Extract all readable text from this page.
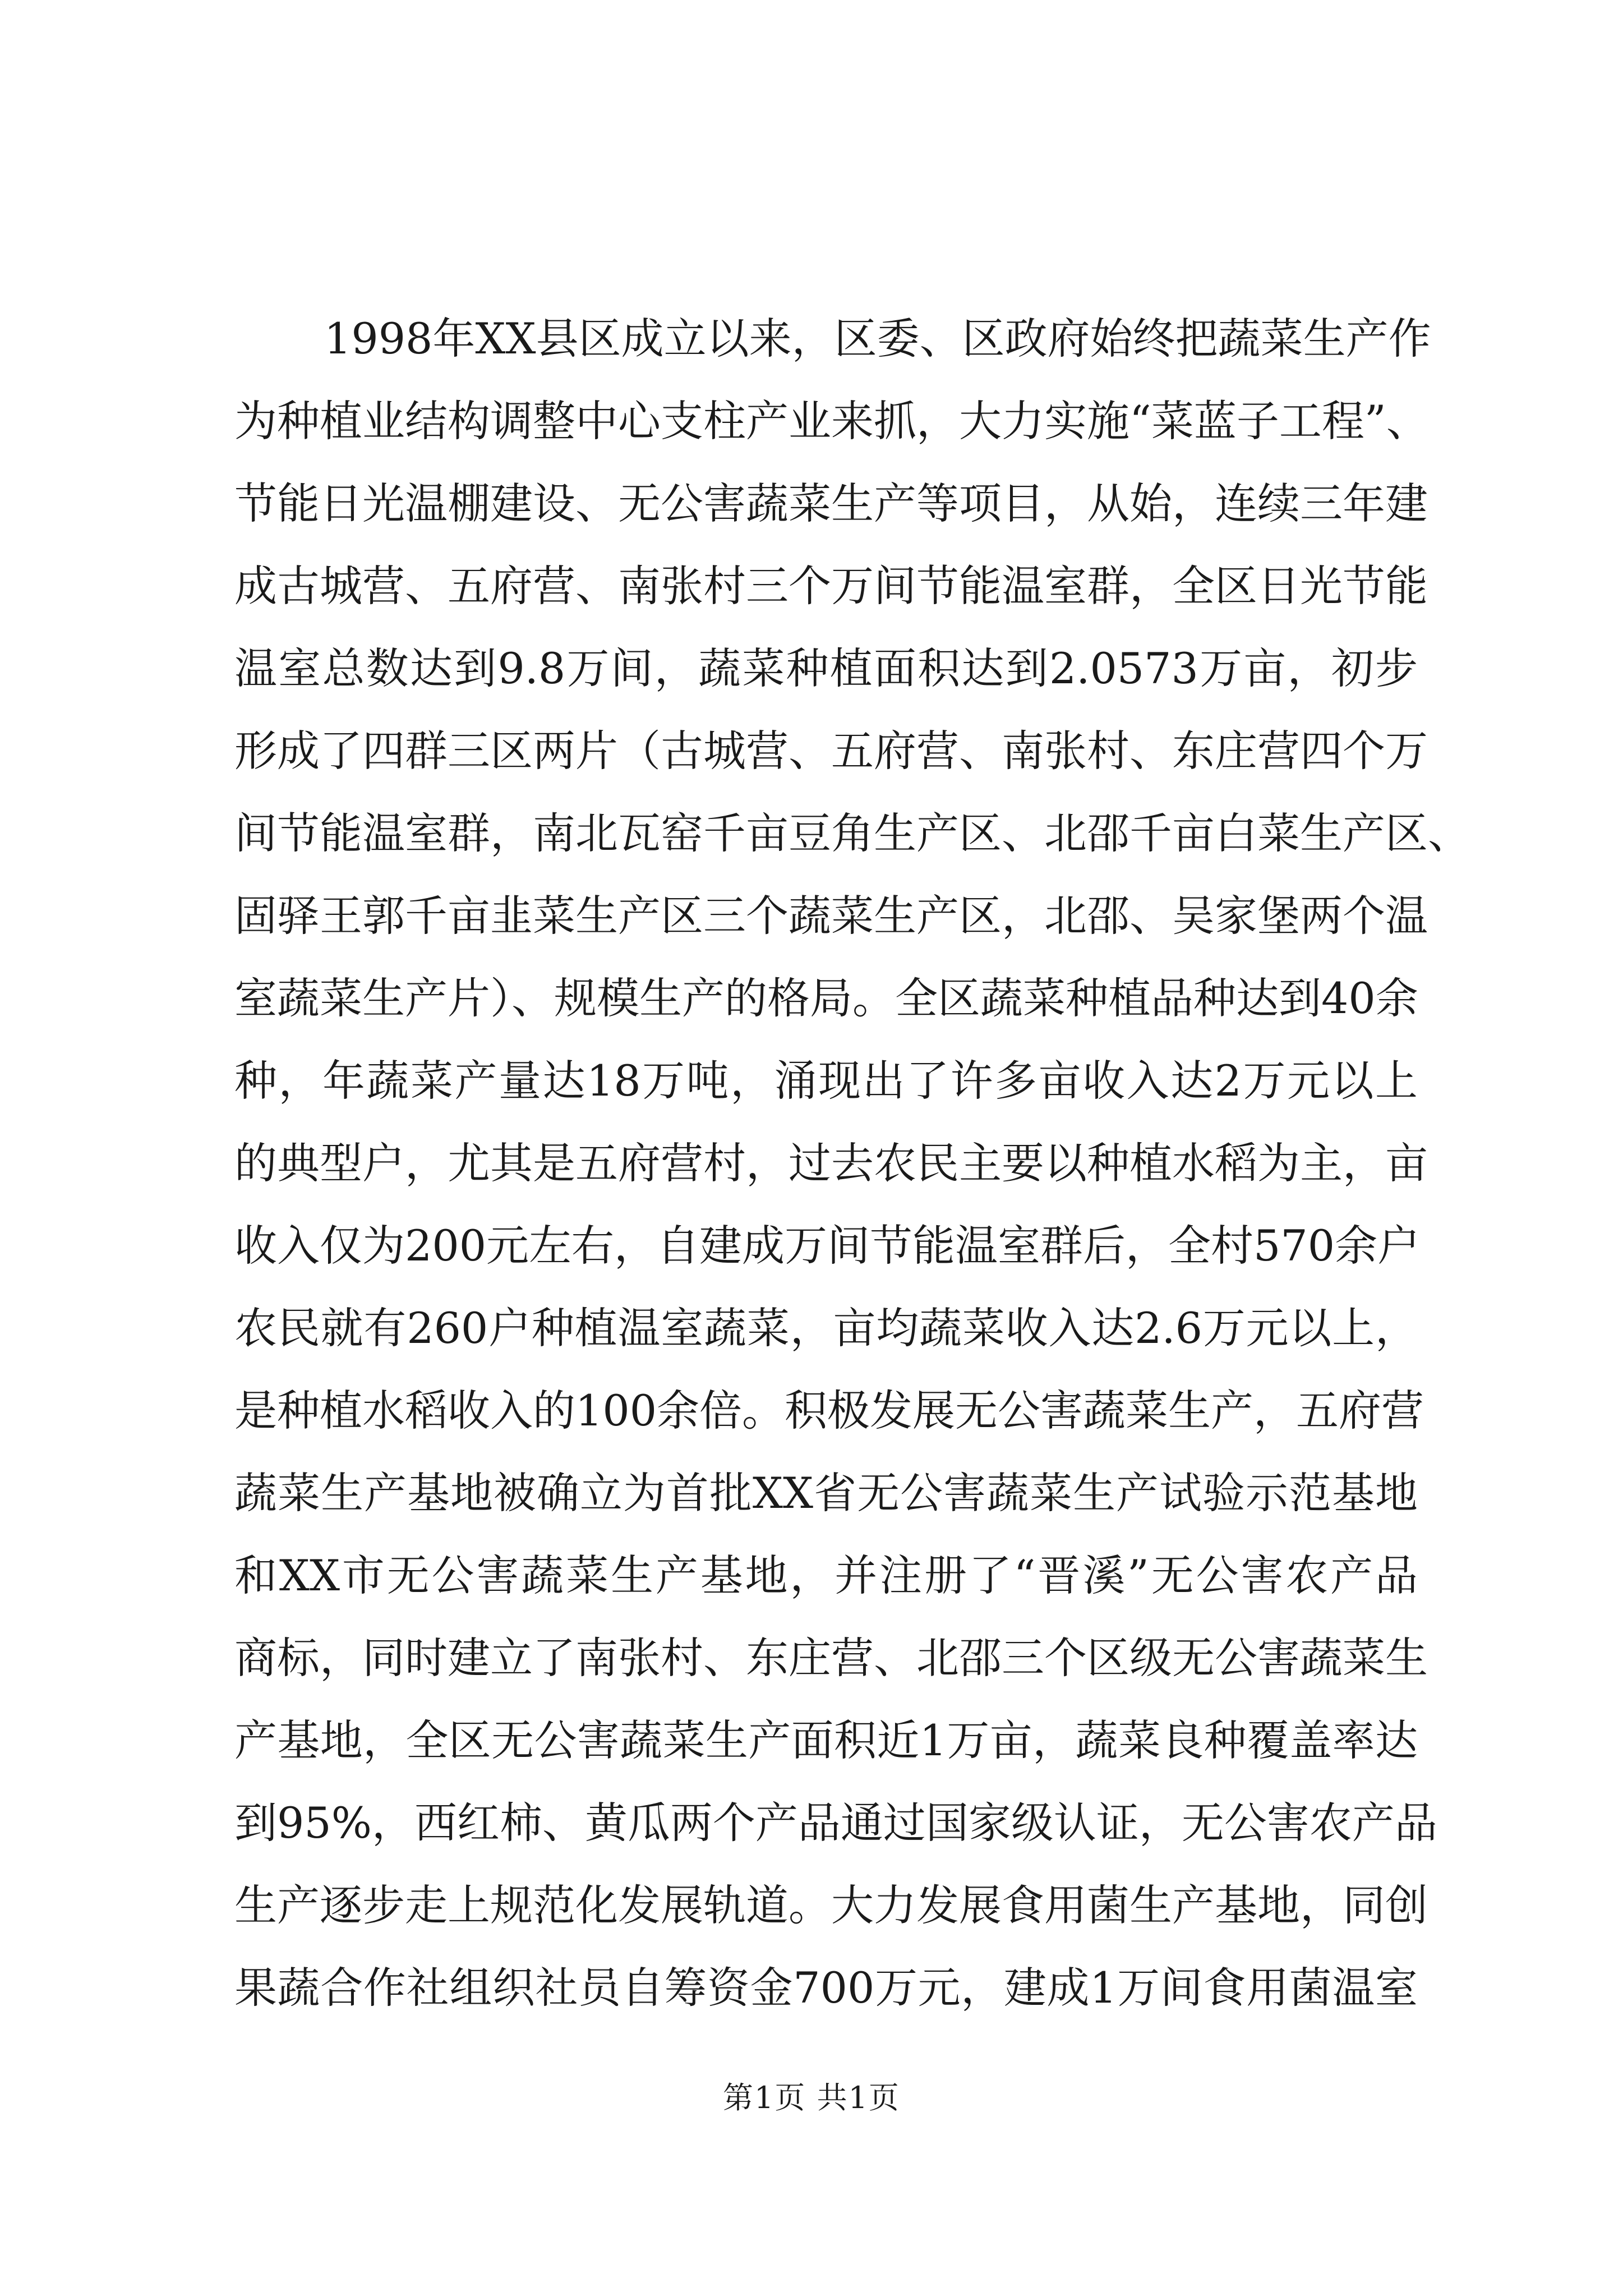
1998年XX县区成立以来，区委、区政府始终把蔬菜生产作
为种植业结构调整中心支柱产业来抓，大力实施“菜蓝子工程”、
节能日光温棚建设、无公害蔬菜生产等项目，从始，连续三年建
成古城营、五府营、南张村三个万间节能温室群，全区日光节能
温室总数达到9.8万间，蔬菜种植面积达到2.0573万亩，初步
形成了四群三区两片（古城营、五府营、南张村、东庄营四个万
间节能温室群，南北瓦窑千亩豆角生产区、北邵千亩白菜生产区、
固驿王郭千亩韭菜生产区三个蔬菜生产区，北邵、吴家堡两个温
室蔬菜生产片）、规模生产的格局。全区蔬菜种植品种达到40余
种，年蔬菜产量达18万吨，涌现出了许多亩收入达2万元以上
的典型户，尤其是五府营村，过去农民主要以种植水稻为主，亩
收入仅为200元左右，自建成万间节能温室群后，全村570余户
农民就有260户种植温室蔬菜，亩均蔬菜收入达2.6万元以上，
是种植水稻收入的100余倍。积极发展无公害蔬菜生产，五府营
蔬菜生产基地被确立为首批XX省无公害蔬菜生产试验示范基地
和XX市无公害蔬菜生产基地，并注册了“晋溪”无公害农产品
商标，同时建立了南张村、东庄营、北邵三个区级无公害蔬菜生
产基地，全区无公害蔬菜生产面积近1万亩，蔬菜良种覆盖率达
到95%，西红柿、黄瓜两个产品通过国家级认证，无公害农产品
生产逐步走上规范化发展轨道。大力发展食用菌生产基地，同创
果蔬合作社组织社员自筹资金700万元，建成1万间食用菌温室
第1页 共1页
